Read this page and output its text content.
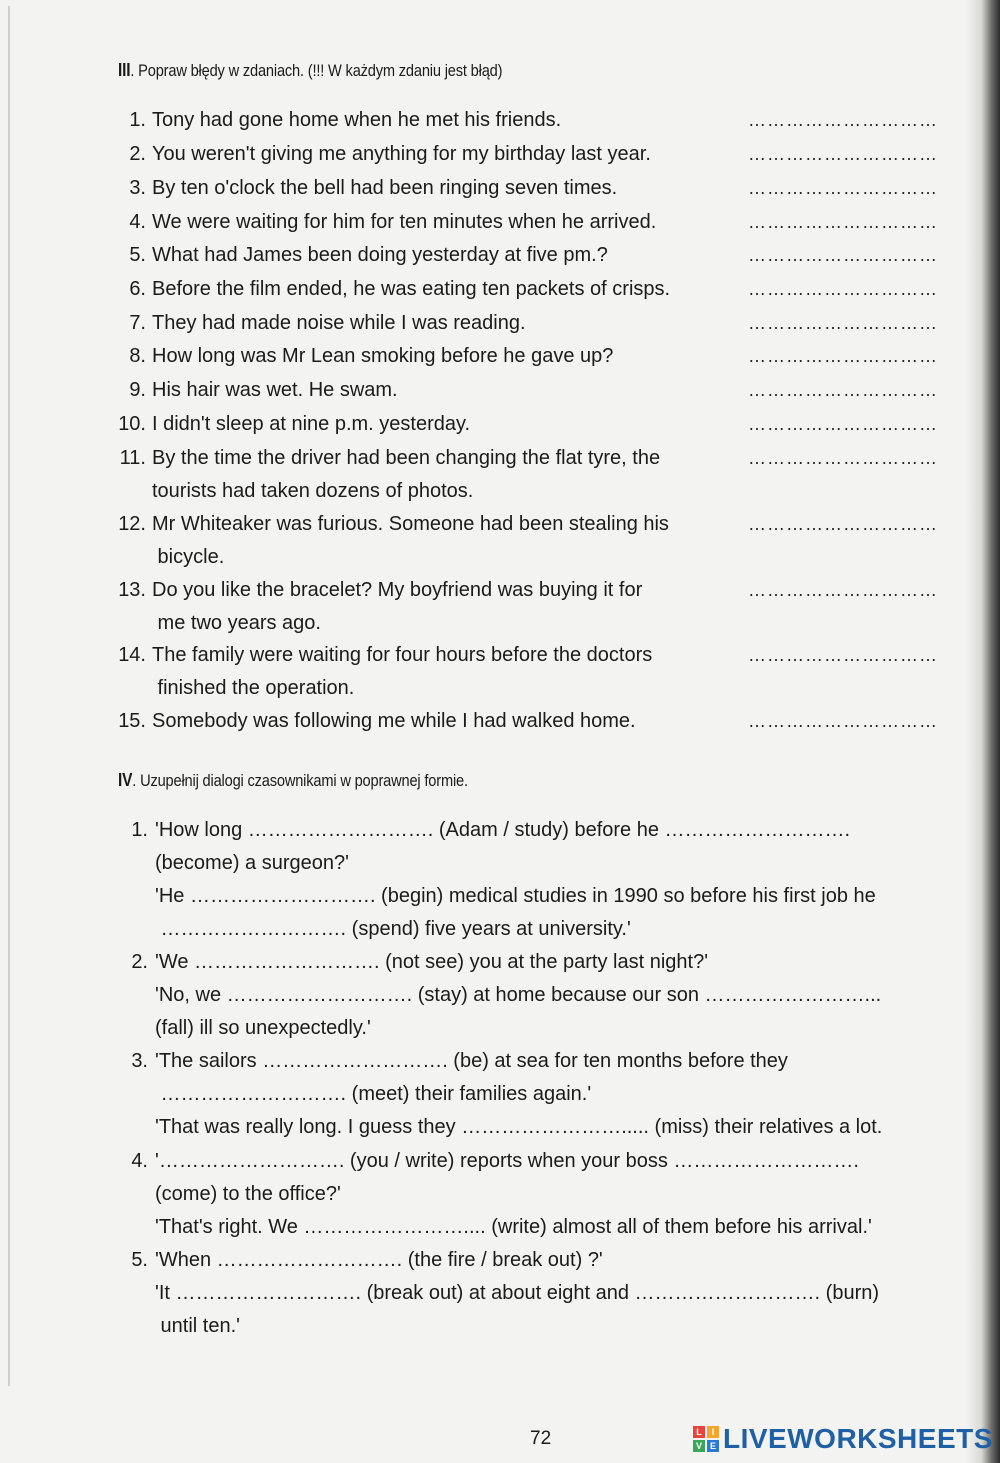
III. Popraw błędy w zdaniach. (!!! W każdym zdaniu jest błąd)
1. Tony had gone home when he met his friends.	…………………………
2. You weren't giving me anything for my birthday last year.	…………………………
3. By ten o'clock the bell had been ringing seven times.	…………………………
4. We were waiting for him for ten minutes when he arrived.	…………………………
5. What had James been doing yesterday at five pm.?	…………………………
6. Before the film ended, he was eating ten packets of crisps.	…………………………
7. They had made noise while I was reading.	…………………………
8. How long was Mr Lean smoking before he gave up?	…………………………
9. His hair was wet. He swam.	…………………………
10. I didn't sleep at nine p.m. yesterday.	…………………………
11. By the time the driver had been changing the flat tyre, the
tourists had taken dozens of photos.
…………………………
12. Mr Whiteaker was furious. Someone had been stealing his
bicycle.
…………………………
13. Do you like the bracelet? My boyfriend was buying it for
me two years ago.
…………………………
14. The family were waiting for four hours before the doctors
finished the operation.
…………………………
15. Somebody was following me while I had walked home.	…………………………
IV. Uzupełnij dialogi czasownikami w poprawnej formie.
1. 'How long ………………………. (Adam / study) before he ……………………….
(become) a surgeon?'
'He ………………………. (begin) medical studies in 1990 so before his first job he
………………………. (spend) five years at university.'
2. 'We ………………………. (not see) you at the party last night?'
'No, we ………………………. (stay) at home because our son ……………………...
(fall) ill so unexpectedly.'
3. 'The sailors ………………………. (be) at sea for ten months before they
………………………. (meet) their families again.'
'That was really long. I guess they ……………………..... (miss) their relatives a lot.
4. '………………………. (you / write) reports when your boss ……………………….
(come) to the office?'
'That's right. We …………………….... (write) almost all of them before his arrival.'
5. 'When ………………………. (the fire / break out) ?'
'It ………………………. (break out) at about eight and ………………………. (burn)
until ten.'
72	L	I
V E LIVEWORKSHEETS
